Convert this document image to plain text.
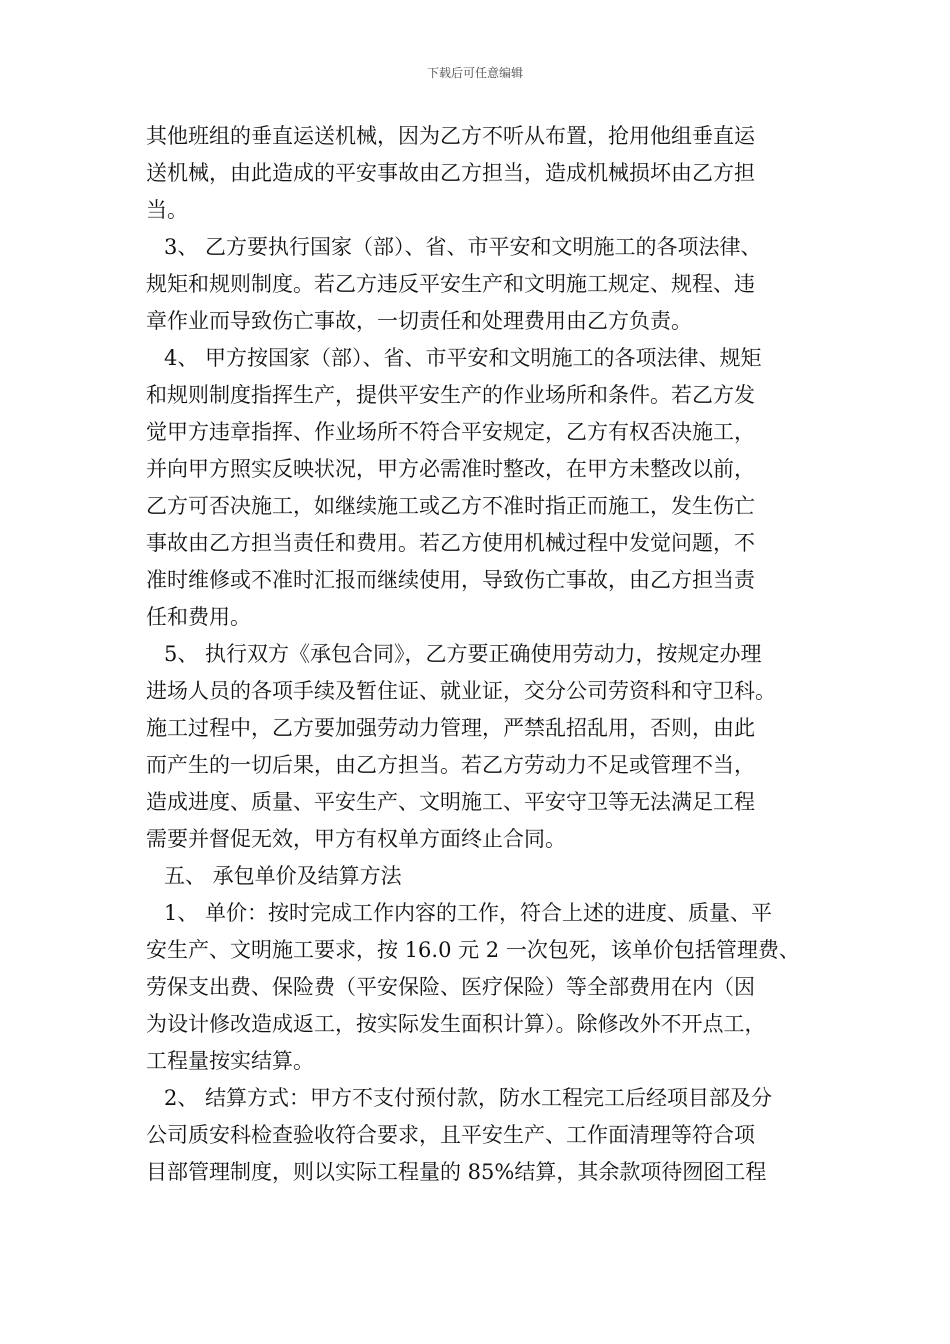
下载后可任意编辑
其他班组的垂直运送机械，因为乙方不听从布置，抢用他组垂直运
送机械，由此造成的平安事故由乙方担当，造成机械损坏由乙方担
当。
3、 乙方要执行国家（部）、省、市平安和文明施工的各项法律、
规矩和规则制度。若乙方违反平安生产和文明施工规定、规程、违
章作业而导致伤亡事故，一切责任和处理费用由乙方负责。
4、 甲方按国家（部）、省、市平安和文明施工的各项法律、规矩
和规则制度指挥生产，提供平安生产的作业场所和条件。若乙方发
觉甲方违章指挥、作业场所不符合平安规定，乙方有权否决施工，
并向甲方照实反映状况，甲方必需准时整改，在甲方未整改以前，
乙方可否决施工，如继续施工或乙方不准时指正而施工，发生伤亡
事故由乙方担当责任和费用。若乙方使用机械过程中发觉问题，不
准时维修或不准时汇报而继续使用，导致伤亡事故，由乙方担当责
任和费用。
5、 执行双方《承包合同》，乙方要正确使用劳动力，按规定办理
进场人员的各项手续及暂住证、就业证，交分公司劳资科和守卫科。
施工过程中，乙方要加强劳动力管理，严禁乱招乱用，否则，由此
而产生的一切后果，由乙方担当。若乙方劳动力不足或管理不当，
造成进度、质量、平安生产、文明施工、平安守卫等无法满足工程
需要并督促无效，甲方有权单方面终止合同。
五、 承包单价及结算方法
1、 单价：按时完成工作内容的工作，符合上述的进度、质量、平
安生产、文明施工要求，按 16.0 元 2 一次包死，该单价包括管理费、
劳保支出费、保险费（平安保险、医疗保险）等全部费用在内（因
为设计修改造成返工，按实际发生面积计算）。除修改外不开点工，
工程量按实结算。
2、 结算方式：甲方不支付预付款，防水工程完工后经项目部及分
公司质安科检查验收符合要求，且平安生产、工作面清理等符合项
目部管理制度，则以实际工程量的 85%结算，其余款项待囫囵工程
